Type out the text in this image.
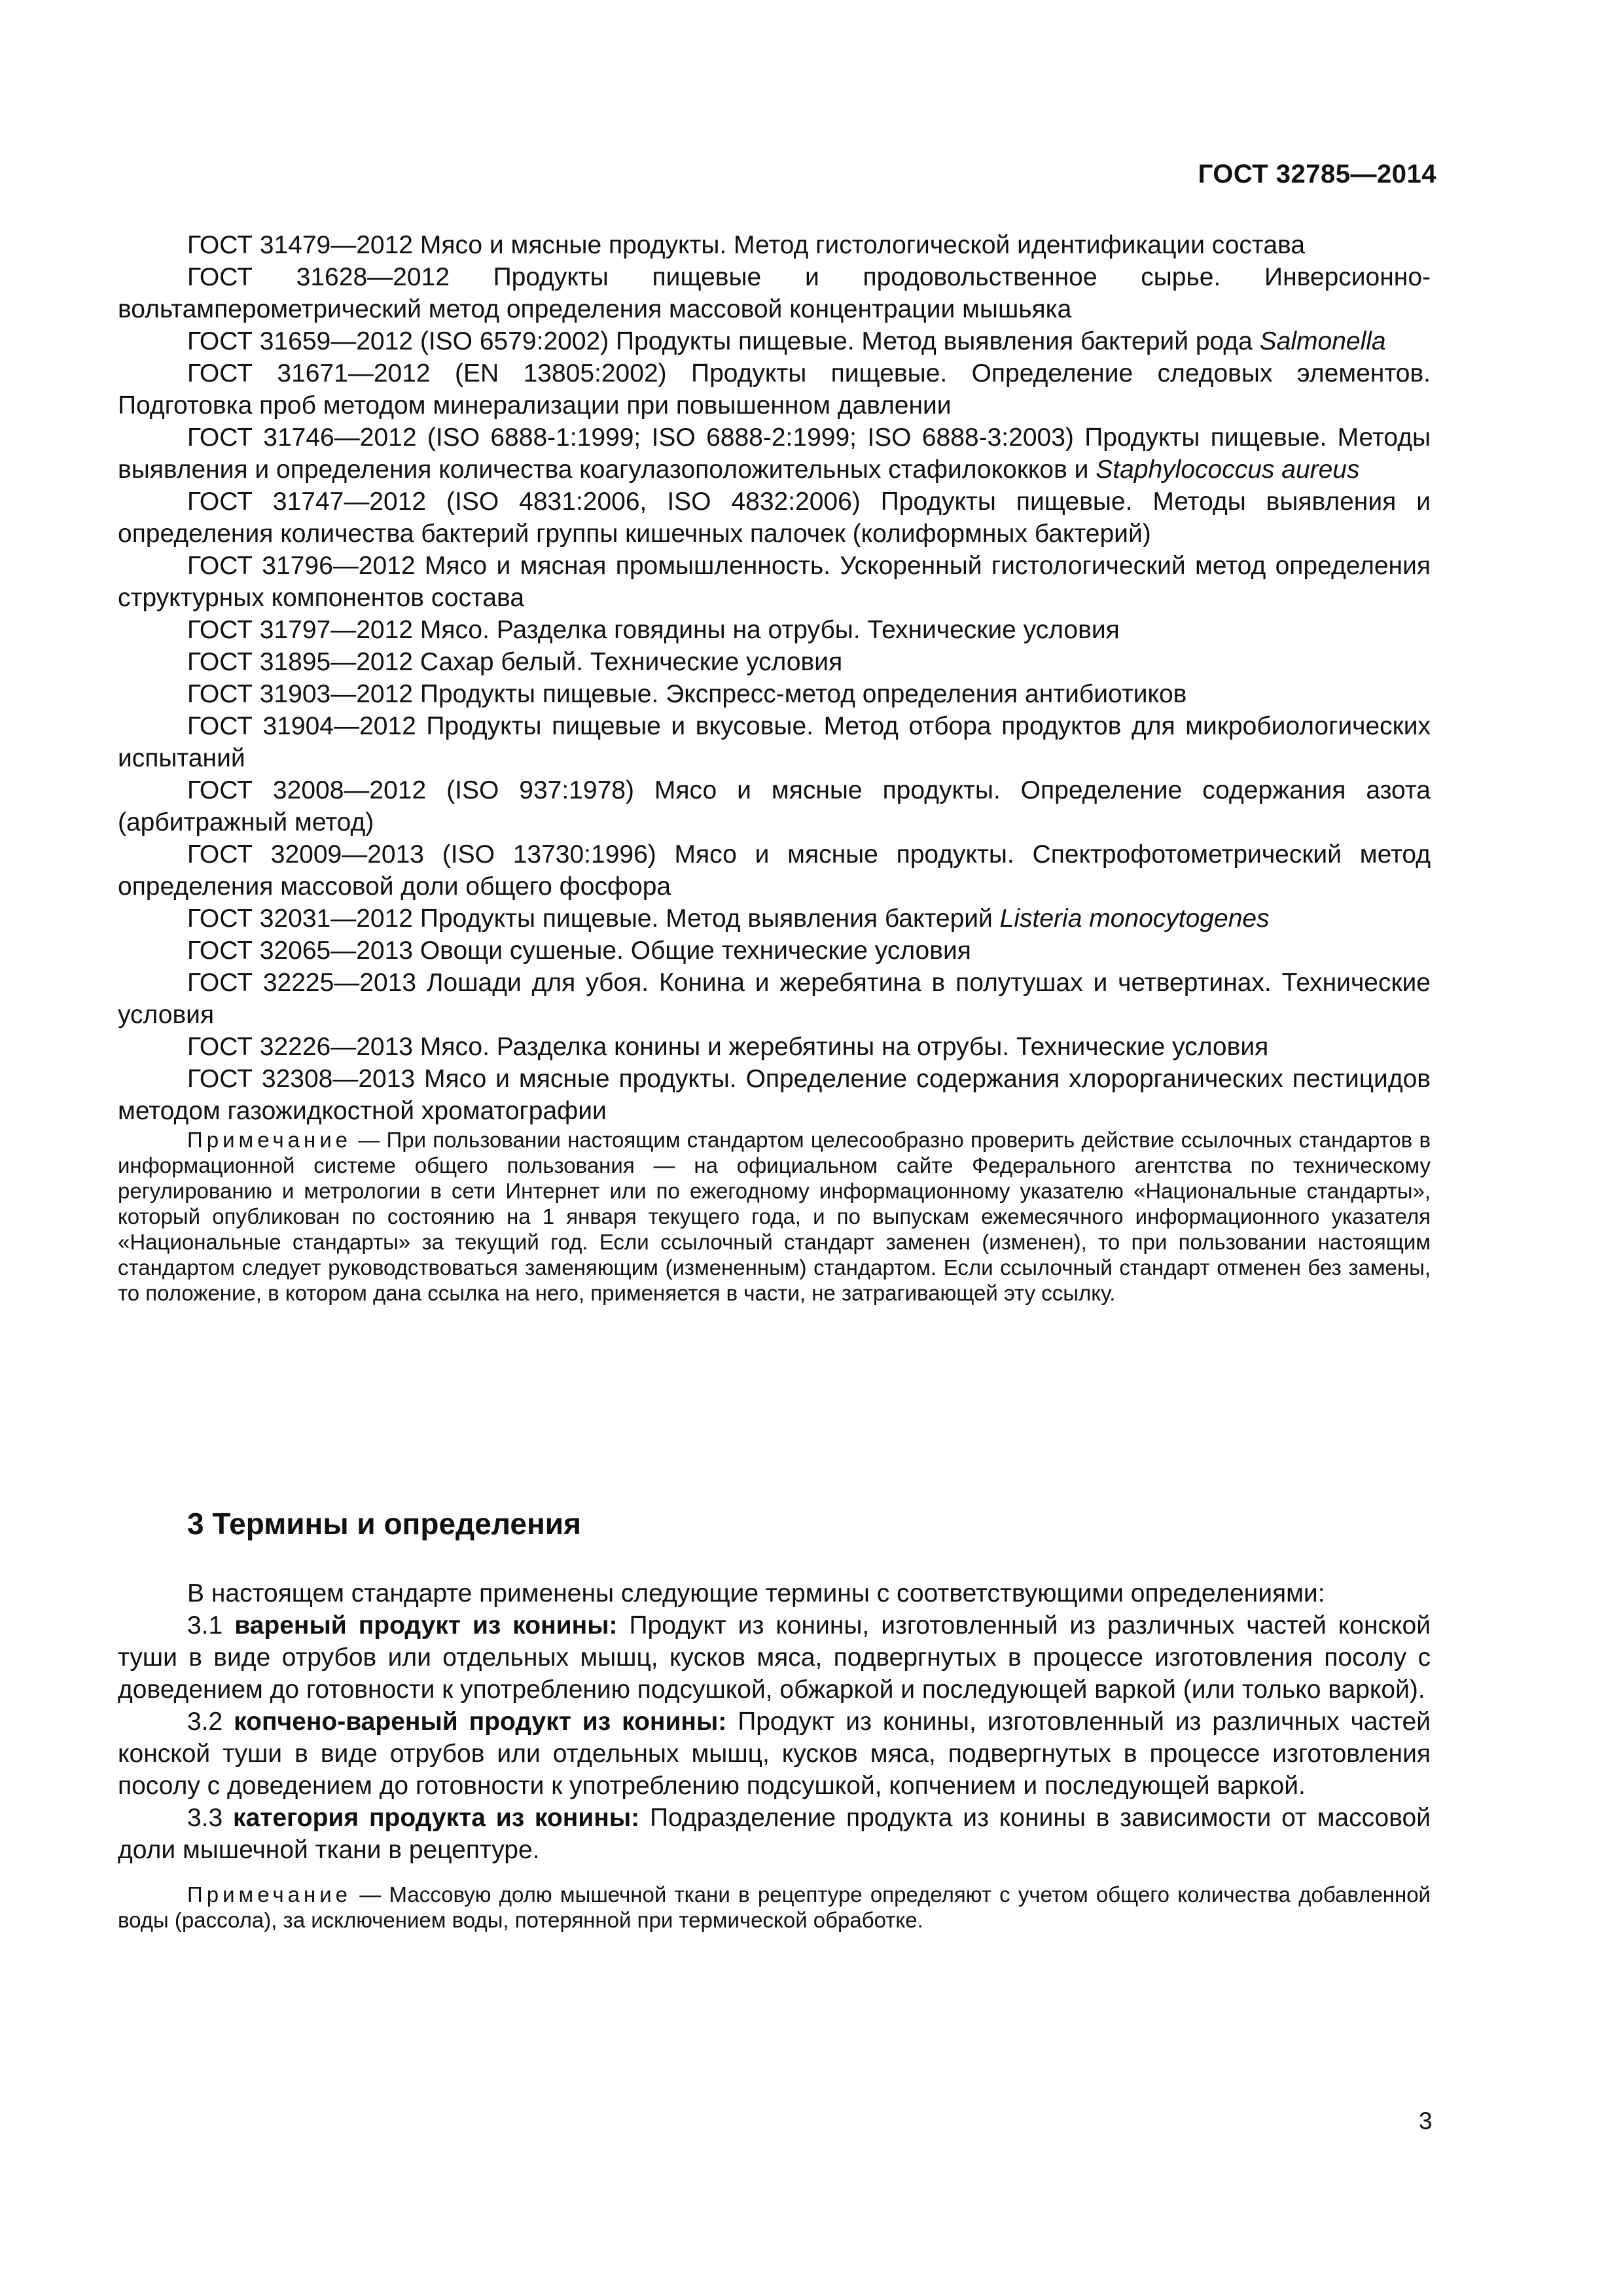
ГОСТ 32785—2014

ГОСТ 31479—2012 Мясо и мясные продукты. Метод гистологической идентификации состава

ГОСТ 31628—2012 Продукты пищевые и продовольственное сырье. Инверсионно-вольтамперометрический метод определения массовой концентрации мышьяка

ГОСТ 31659—2012 (ISO 6579:2002) Продукты пищевые. Метод выявления бактерий рода Salmonella

ГОСТ 31671—2012 (EN 13805:2002) Продукты пищевые. Определение следовых элементов. Подготовка проб методом минерализации при повышенном давлении

ГОСТ 31746—2012 (ISO 6888-1:1999; ISO 6888-2:1999; ISO 6888-3:2003) Продукты пищевые. Методы выявления и определения количества коагулазоположительных стафилококков и Staphylococcus aureus

ГОСТ 31747—2012 (ISO 4831:2006, ISO 4832:2006) Продукты пищевые. Методы выявления и определения количества бактерий группы кишечных палочек (колиформных бактерий)

ГОСТ 31796—2012 Мясо и мясная промышленность. Ускоренный гистологический метод определения структурных компонентов состава

ГОСТ 31797—2012 Мясо. Разделка говядины на отрубы. Технические условия

ГОСТ 31895—2012 Сахар белый. Технические условия

ГОСТ 31903—2012 Продукты пищевые. Экспресс-метод определения антибиотиков

ГОСТ 31904—2012 Продукты пищевые и вкусовые. Метод отбора продуктов для микробиологических испытаний

ГОСТ 32008—2012 (ISO 937:1978) Мясо и мясные продукты. Определение содержания азота (арбитражный метод)

ГОСТ 32009—2013 (ISO 13730:1996) Мясо и мясные продукты. Спектрофотометрический метод определения массовой доли общего фосфора

ГОСТ 32031—2012 Продукты пищевые. Метод выявления бактерий Listeria monocytogenes

ГОСТ 32065—2013 Овощи сушеные. Общие технические условия

ГОСТ 32225—2013 Лошади для убоя. Конина и жеребятина в полутушах и четвертинах. Технические условия

ГОСТ 32226—2013 Мясо. Разделка конины и жеребятины на отрубы. Технические условия

ГОСТ 32308—2013 Мясо и мясные продукты. Определение содержания хлорорганических пестицидов методом газожидкостной хроматографии

Примечание — При пользовании настоящим стандартом целесообразно проверить действие ссылочных стандартов в информационной системе общего пользования — на официальном сайте Федерального агентства по техническому регулированию и метрологии в сети Интернет или по ежегодному информационному указателю «Национальные стандарты», который опубликован по состоянию на 1 января текущего года, и по выпускам ежемесячного информационного указателя «Национальные стандарты» за текущий год. Если ссылочный стандарт заменен (изменен), то при пользовании настоящим стандартом следует руководствоваться заменяющим (измененным) стандартом. Если ссылочный стандарт отменен без замены, то положение, в котором дана ссылка на него, применяется в части, не затрагивающей эту ссылку.

3 Термины и определения

В настоящем стандарте применены следующие термины с соответствующими определениями:

3.1 вареный продукт из конины: Продукт из конины, изготовленный из различных частей конской туши в виде отрубов или отдельных мышц, кусков мяса, подвергнутых в процессе изготовления посолу с доведением до готовности к употреблению подсушкой, обжаркой и последующей варкой (или только варкой).

3.2 копчено-вареный продукт из конины: Продукт из конины, изготовленный из различных частей конской туши в виде отрубов или отдельных мышц, кусков мяса, подвергнутых в процессе изготовления посолу с доведением до готовности к употреблению подсушкой, копчением и последующей варкой.

3.3 категория продукта из конины: Подразделение продукта из конины в зависимости от массовой доли мышечной ткани в рецептуре.

Примечание — Массовую долю мышечной ткани в рецептуре определяют с учетом общего количества добавленной воды (рассола), за исключением воды, потерянной при термической обработке.

3
